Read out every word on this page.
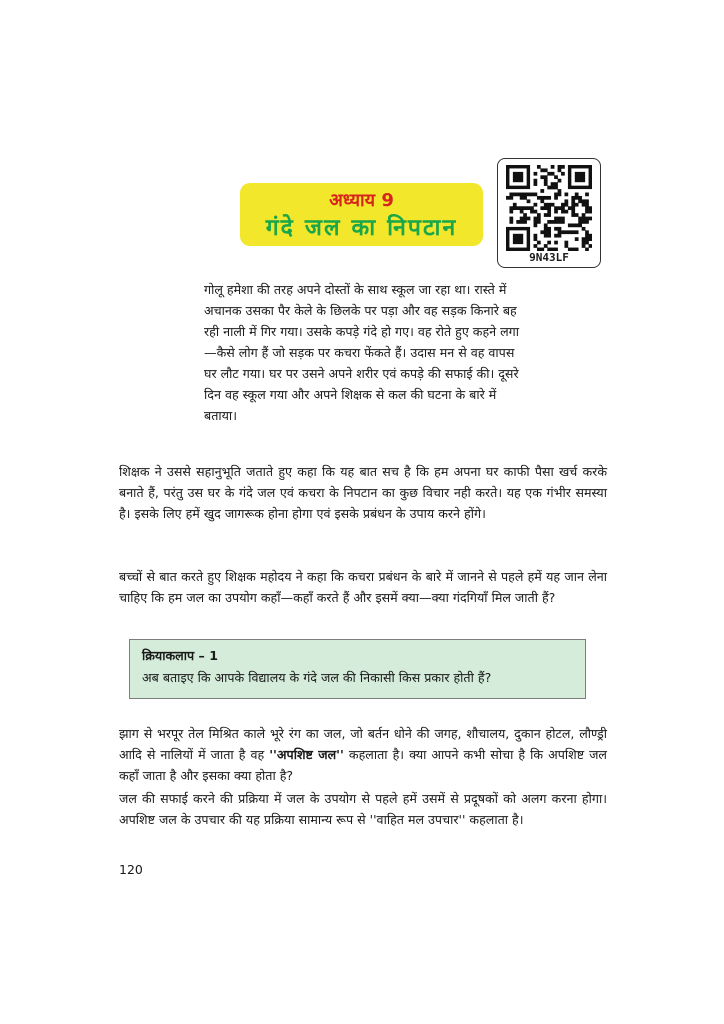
अध्याय 9
गंदे जल का निपटान
9N43LF

गोलू हमेशा की तरह अपने दोस्तों के साथ स्कूल जा रहा था। रास्ते में अचानक उसका पैर केले के छिलके पर पड़ा और वह सड़क किनारे बह रही नाली में गिर गया। उसके कपड़े गंदे हो गए। वह रोते हुए कहने लगा—कैसे लोग हैं जो सड़क पर कचरा फेंकते हैं। उदास मन से वह वापस घर लौट गया। घर पर उसने अपने शरीर एवं कपड़े की सफाई की। दूसरे दिन वह स्कूल गया और अपने शिक्षक से कल की घटना के बारे में बताया।

शिक्षक ने उससे सहानुभूति जताते हुए कहा कि यह बात सच है कि हम अपना घर काफी पैसा खर्च करके बनाते हैं, परंतु उस घर के गंदे जल एवं कचरा के निपटान का कुछ विचार नही करते। यह एक गंभीर समस्या है। इसके लिए हमें खुद जागरूक होना होगा एवं इसके प्रबंधन के उपाय करने होंगे।

बच्चों से बात करते हुए शिक्षक महोदय ने कहा कि कचरा प्रबंधन के बारे में जानने से पहले हमें यह जान लेना चाहिए कि हम जल का उपयोग कहाँ—कहाँ करते हैं और इसमें क्या—क्या गंदगियाँ मिल जाती हैं?

क्रियाकलाप – 1
अब बताइए कि आपके विद्यालय के गंदे जल की निकासी किस प्रकार होती हैं?

झाग से भरपूर तेल मिश्रित काले भूरे रंग का जल, जो बर्तन धोने की जगह, शौचालय, दुकान होटल, लौण्ड्री आदि से नालियों में जाता है वह ''अपशिष्ट जल'' कहलाता है। क्या आपने कभी सोचा है कि अपशिष्ट जल कहाँ जाता है और इसका क्या होता है?

जल की सफाई करने की प्रक्रिया में जल के उपयोग से पहले हमें उसमें से प्रदूषकों को अलग करना होगा। अपशिष्ट जल के उपचार की यह प्रक्रिया सामान्य रूप से ''वाहित मल उपचार'' कहलाता है।

120
